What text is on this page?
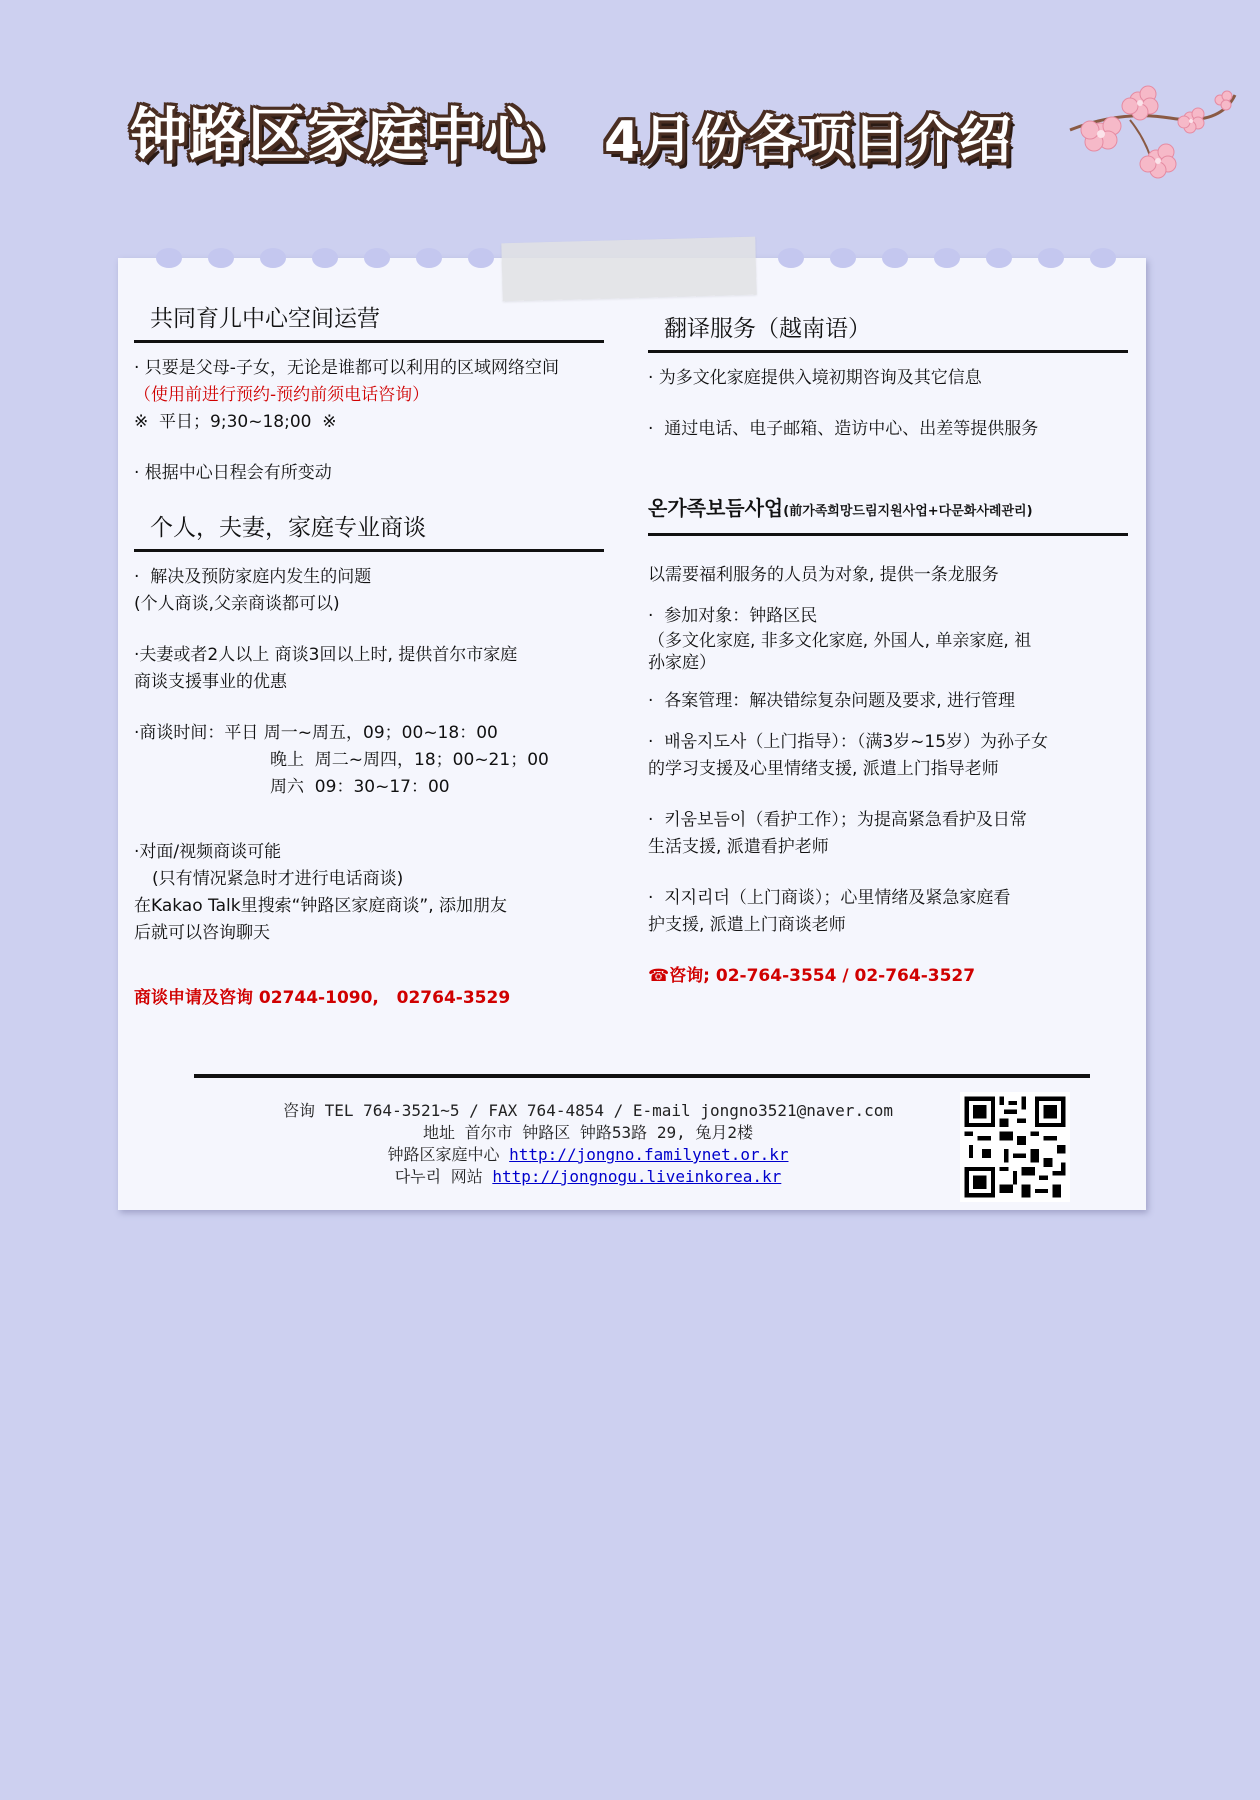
钟路区家庭中心 4月份各项目介绍
共同育儿中心空间运营

· 只要是父母-子女，无论是谁都可以利用的区域网络空间

（使用前进行预约-预约前须电话咨询）

※  平日；9;30~18;00  ※

· 根据中心日程会有所变动

个人，夫妻，家庭专业商谈

·  解决及预防家庭内发生的问题

(个人商谈,父亲商谈都可以)

·夫妻或者2人以上 商谈3回以上时, 提供首尔市家庭

商谈支援事业的优惠

·商谈时间：平日 周一~周五，09；00~18：00

晚上  周二~周四，18；00~21；00

周六  09：30~17：00

·对面/视频商谈可能

(只有情况紧急时才进行电话商谈)

在Kakao Talk里搜索“钟路区家庭商谈”, 添加朋友

后就可以咨询聊天

商谈申请及咨询 02744-1090,   02764-3529

翻译服务（越南语）

· 为多文化家庭提供入境初期咨询及其它信息

·  通过电话、电子邮箱、造访中心、出差等提供服务

온가족보듬사업(前가족희망드림지원사업+다문화사례관리)

以需要福利服务的人员为对象, 提供一条龙服务

·  参加对象：钟路区民

（多文化家庭, 非多文化家庭, 外国人, 单亲家庭, 祖

孙家庭）

·  各案管理：解决错综复杂问题及要求, 进行管理

·  배움지도사（上门指导）：（满3岁~15岁）为孙子女

的学习支援及心里情绪支援, 派遣上门指导老师

·  키움보듬이（看护工作）；为提高紧急看护及日常

生活支援, 派遣看护老师

·  지지리더（上门商谈）；心里情绪及紧急家庭看

护支援, 派遣上门商谈老师

☎咨询; 02-764-3554 / 02-764-3527

咨询 TEL 764-3521~5 / FAX 764-4854 / E-mail jongno3521@naver.com
地址 首尔市 钟路区 钟路53路 29, 兔月2楼
钟路区家庭中心 http://jongno.familynet.or.kr
다누리 网站 http://jongnogu.liveinkorea.kr
